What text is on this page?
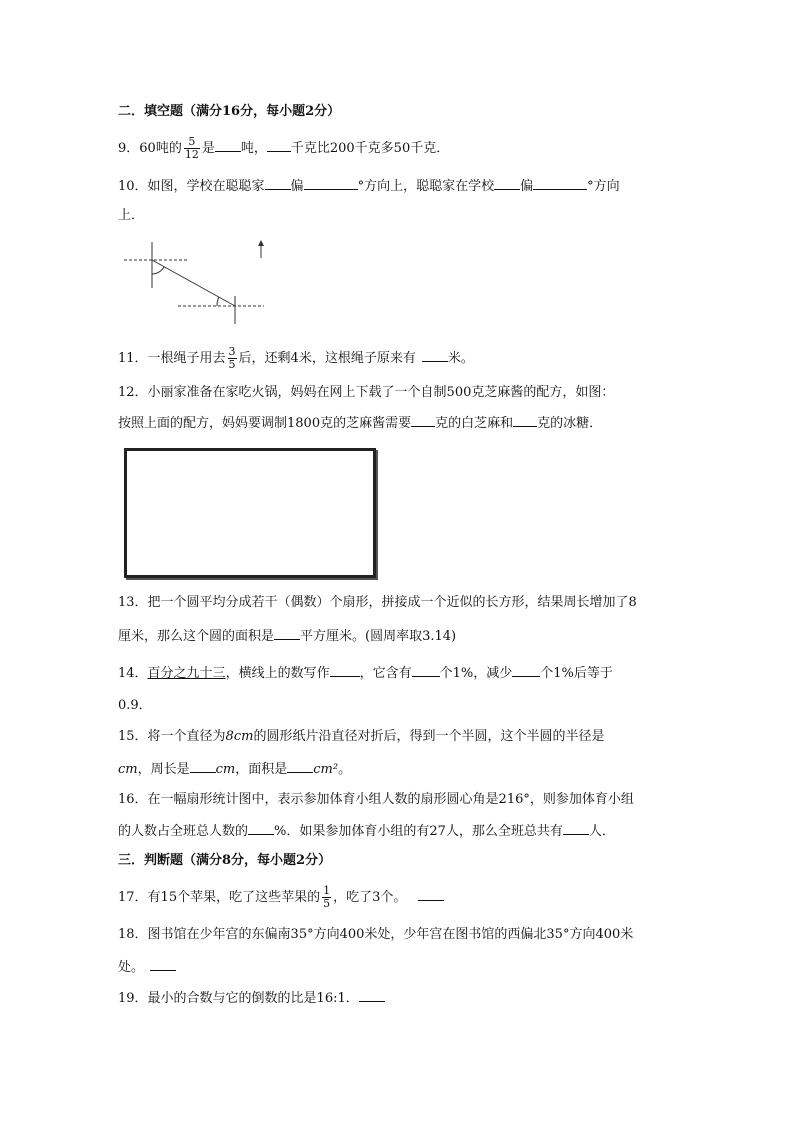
二．填空题（满分16分，每小题2分）
9．60吨的 $\frac{5}{12}$ 是 吨， 千克比200千克多50千克．
10．如图，学校在聪聪家 偏	°方向上，聪聪家在学校 偏	°方向
上．
11．一根绳子用去 $\frac{3}{5}$ 后，还剩4米，这根绳子原来有 米。
12．小丽家准备在家吃火锅，妈妈在网上下载了一个自制500克芝麻酱的配方，如图：
按照上面的配方，妈妈要调制1800克的芝麻酱需要 克的白芝麻和 克的冰糖．
13．把一个圆平均分成若干（偶数）个扇形，拼接成一个近似的长方形，结果周长增加了8
厘米，那么这个圆的面积是 平方厘米。(圆周率取3.14)
14．百分之九十三，横线上的数写作 ，它含有 个1%，减少 个1%后等于
0.9．
15．将一个直径为8cm的圆形纸片沿直径对折后，得到一个半圆，这个半圆的半径是
cm，周长是 cm，面积是 cm²。
16．在一幅扇形统计图中，表示参加体育小组人数的扇形圆心角是216°，则参加体育小组
的人数占全班总人数的 %．如果参加体育小组的有27人，那么全班总共有 人．
三．判断题（满分8分，每小题2分）
17．有15个苹果，吃了这些苹果的 $\frac{1}{5}$ ，吃了3个。
18．图书馆在少年宫的东偏南35°方向400米处，少年宫在图书馆的西偏北35°方向400米
处。
19．最小的合数与它的倒数的比是16:1．
